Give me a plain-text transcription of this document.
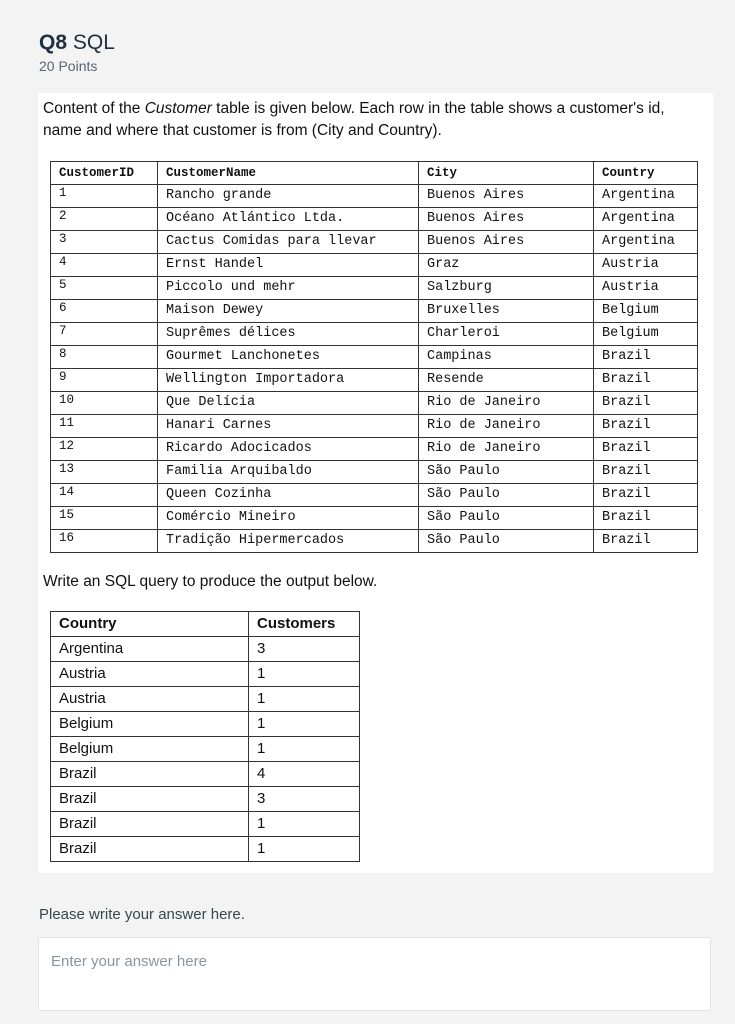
Q8 SQL
20 Points
Content of the Customer table is given below. Each row in the table shows a customer's id, name and where that customer is from (City and Country).
CustomerID	CustomerName	City	Country
1	Rancho grande	Buenos Aires	Argentina
2	Océano Atlántico Ltda.	Buenos Aires	Argentina
3	Cactus Comidas para llevar	Buenos Aires	Argentina
4	Ernst Handel	Graz	Austria
5	Piccolo und mehr	Salzburg	Austria
6	Maison Dewey	Bruxelles	Belgium
7	Suprêmes délices	Charleroi	Belgium
8	Gourmet Lanchonetes	Campinas	Brazil
9	Wellington Importadora	Resende	Brazil
10	Que Delícia	Rio de Janeiro	Brazil
11	Hanari Carnes	Rio de Janeiro	Brazil
12	Ricardo Adocicados	Rio de Janeiro	Brazil
13	Familia Arquibaldo	São Paulo	Brazil
14	Queen Cozinha	São Paulo	Brazil
15	Comércio Mineiro	São Paulo	Brazil
16	Tradição Hipermercados	São Paulo	Brazil
Write an SQL query to produce the output below.
Country	Customers
Argentina	3
Austria	1
Austria	1
Belgium	1
Belgium	1
Brazil	4
Brazil	3
Brazil	1
Brazil	1
Please write your answer here.
Enter your answer here
